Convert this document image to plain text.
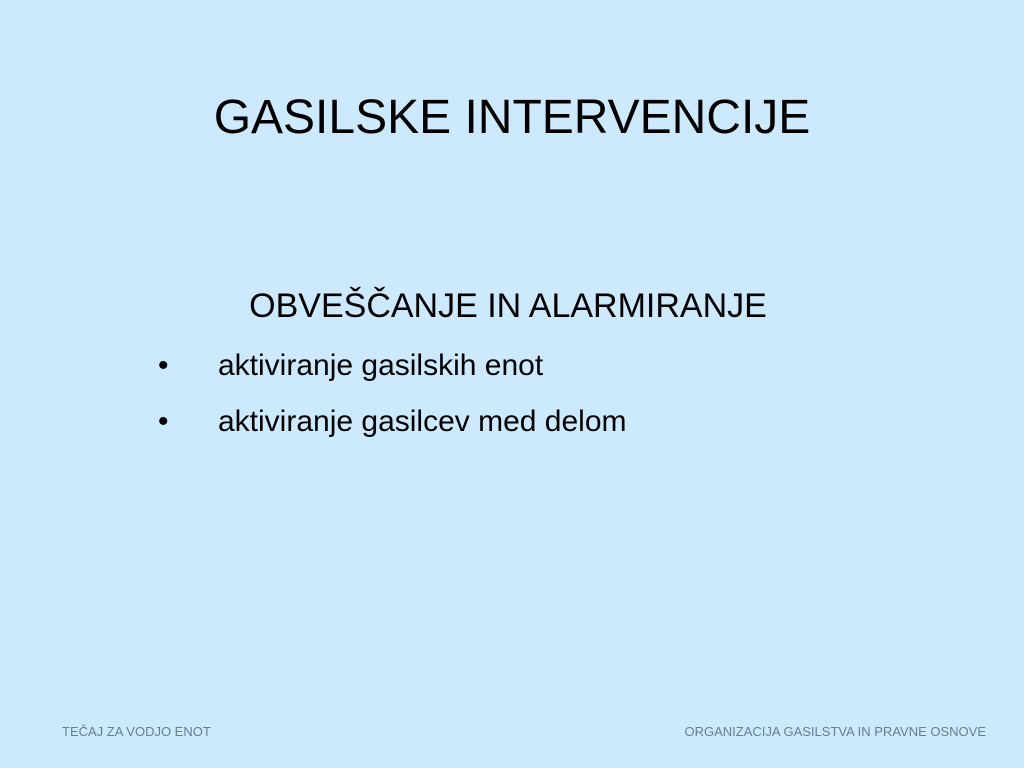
GASILSKE INTERVENCIJE
OBVEŠČANJE IN ALARMIRANJE
• aktiviranje gasilskih enot
• aktiviranje gasilcev med delom
TEČAJ ZA VODJO ENOT	ORGANIZACIJA GASILSTVA IN PRAVNE OSNOVE
